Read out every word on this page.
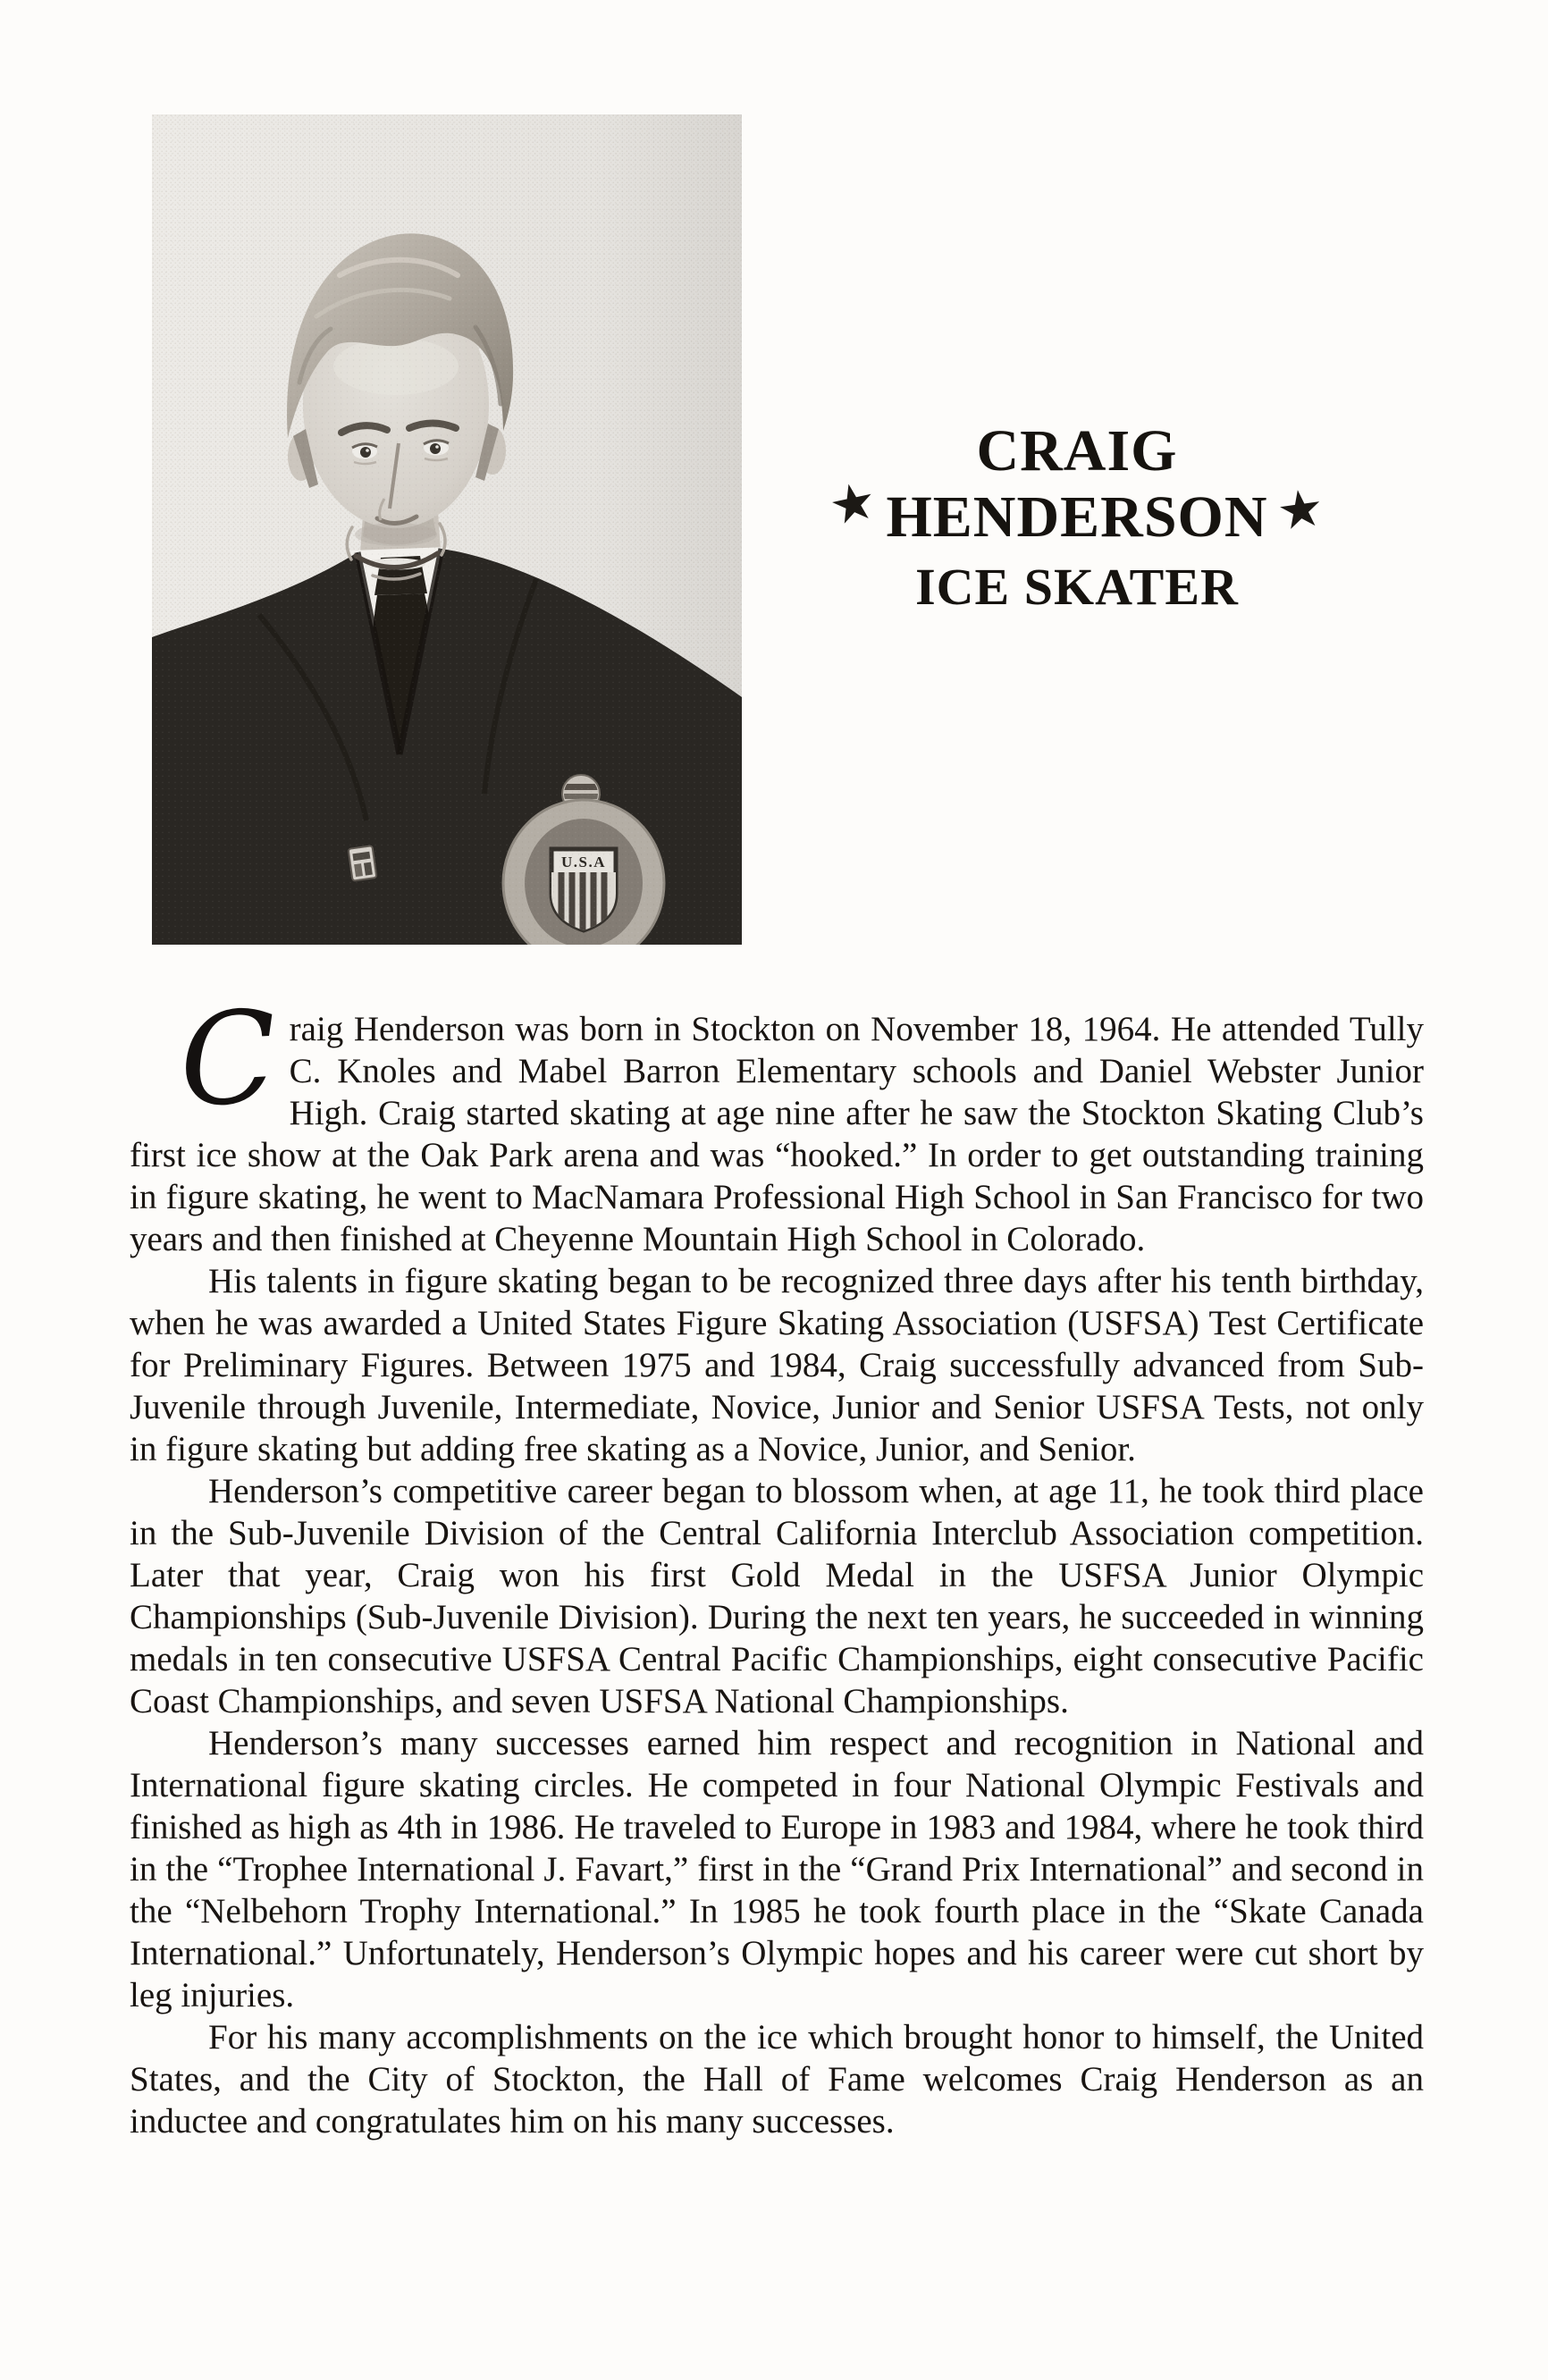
★
CRAIG
HENDERSON
ICE SKATER
★

Craig Henderson was born in Stockton on November 18, 1964. He attended Tully C. Knoles and Mabel Barron Elementary schools and Daniel Webster Junior High. Craig started skating at age nine after he saw the Stockton Skating Club’s first ice show at the Oak Park arena and was “hooked.” In order to get outstanding training in figure skating, he went to MacNamara Professional High School in San Francisco for two years and then finished at Cheyenne Mountain High School in Colorado.

His talents in figure skating began to be recognized three days after his tenth birthday, when he was awarded a United States Figure Skating Association (USFSA) Test Certificate for Preliminary Figures. Between 1975 and 1984, Craig successfully advanced from Sub-Juvenile through Juvenile, Intermediate, Novice, Junior and Senior USFSA Tests, not only in figure skating but adding free skating as a Novice, Junior, and Senior.

Henderson’s competitive career began to blossom when, at age 11, he took third place in the Sub-Juvenile Division of the Central California Interclub Association competition. Later that year, Craig won his first Gold Medal in the USFSA Junior Olympic Championships (Sub-Juvenile Division). During the next ten years, he succeeded in winning medals in ten consecutive USFSA Central Pacific Championships, eight consecutive Pacific Coast Championships, and seven USFSA National Championships.

Henderson’s many successes earned him respect and recognition in National and International figure skating circles. He competed in four National Olympic Festivals and finished as high as 4th in 1986. He traveled to Europe in 1983 and 1984, where he took third in the “Trophee International J. Favart,” first in the “Grand Prix International” and second in the “Nelbehorn Trophy International.” In 1985 he took fourth place in the “Skate Canada International.” Unfortunately, Henderson’s Olympic hopes and his career were cut short by leg injuries.

For his many accomplishments on the ice which brought honor to himself, the United States, and the City of Stockton, the Hall of Fame welcomes Craig Henderson as an inductee and congratulates him on his many successes.
